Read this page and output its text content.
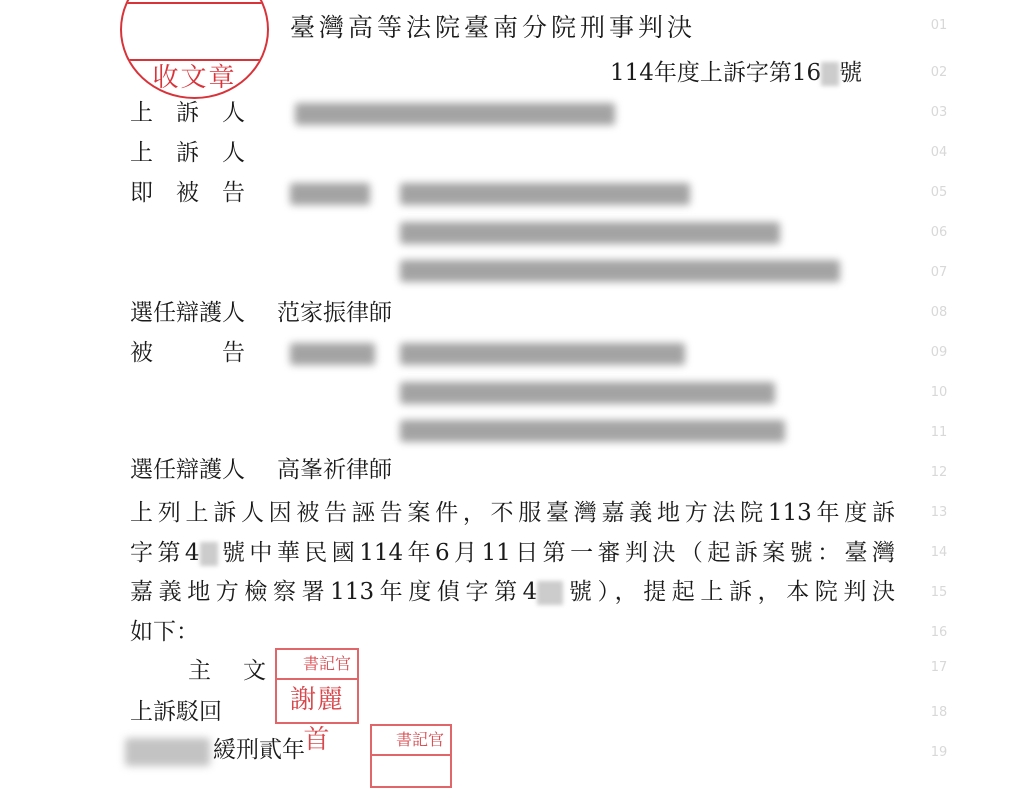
收文章
臺灣高等法院臺南分院刑事判決
114年度上訴字第16 號
上　訴　人
上　訴　人
即　被　告
選任辯護人 范家振律師
被　　　告
選任辯護人 高峯祈律師
上列上訴人因被告誣告案件，不服臺灣嘉義地方法院113年度訴
字第4 號中華民國114年6月11日第一審判決（起訴案號：臺灣
嘉義地方檢察署113年度偵字第4 號），提起上訴，本院判決
如下：
主 文
上訴駁回
緩刑貳年
書記官
謝麗首	書記官
01
02
03
04
05
06
07
08
09
10
11
12
13
14
15
16
17
18
19
